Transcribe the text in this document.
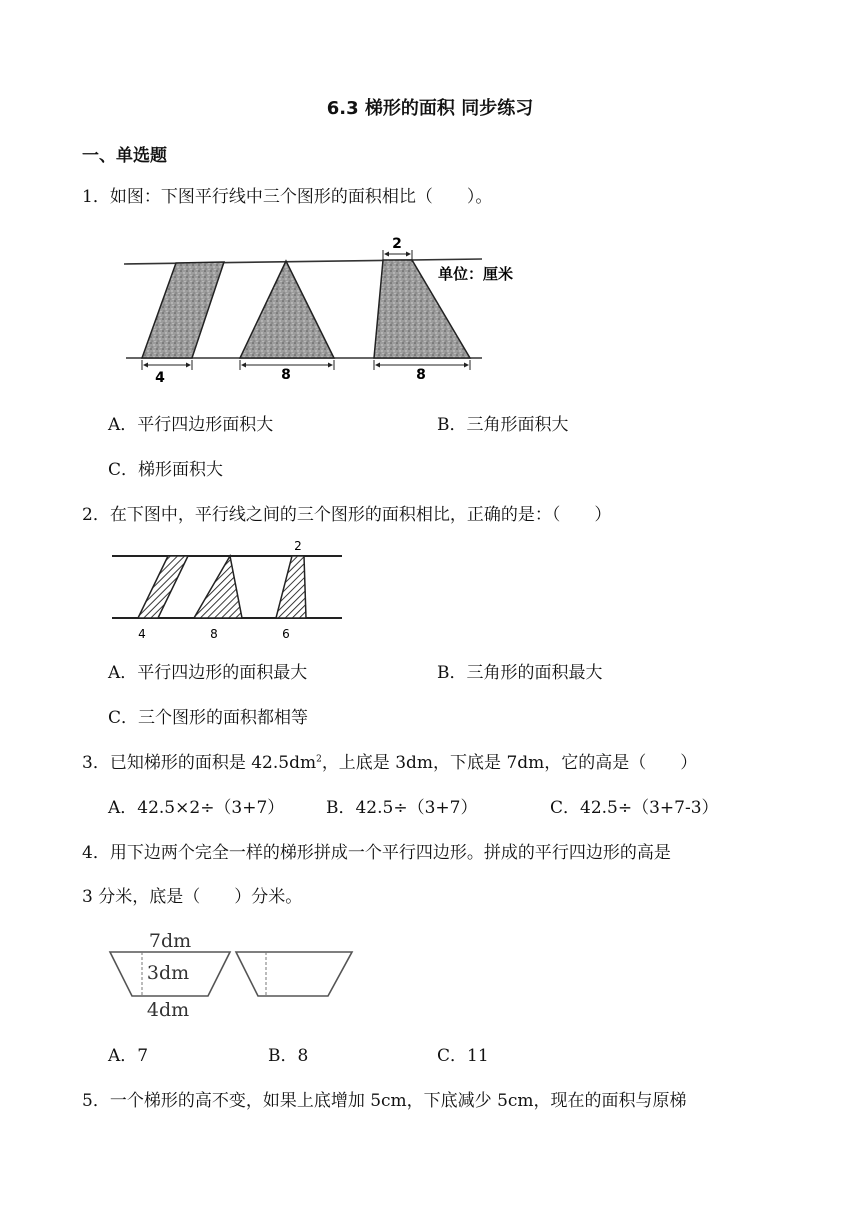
6.3 梯形的面积 同步练习
一、单选题
1．如图：下图平行线中三个图形的面积相比（　　）。
2
单位：厘米
4	8	8
A．平行四边形面积大	B．三角形面积大
C．梯形面积大
2．在下图中，平行线之间的三个图形的面积相比，正确的是：（　　）
2
4	8	6
A．平行四边形的面积最大	B．三角形的面积最大
C．三个图形的面积都相等
3．已知梯形的面积是 $42.5dm^2$，上底是 3dm，下底是 7dm，它的高是（　　）
A．42.5×2÷（3+7） B．42.5÷（3+7）	C．42.5÷（3+7-3）
4．用下边两个完全一样的梯形拼成一个平行四边形。拼成的平行四边形的高是
3 分米，底是（　　）分米。
7dm
3dm
4dm
A．7	B．8	C．11
5．一个梯形的高不变，如果上底增加 5cm，下底减少 5cm，现在的面积与原梯
